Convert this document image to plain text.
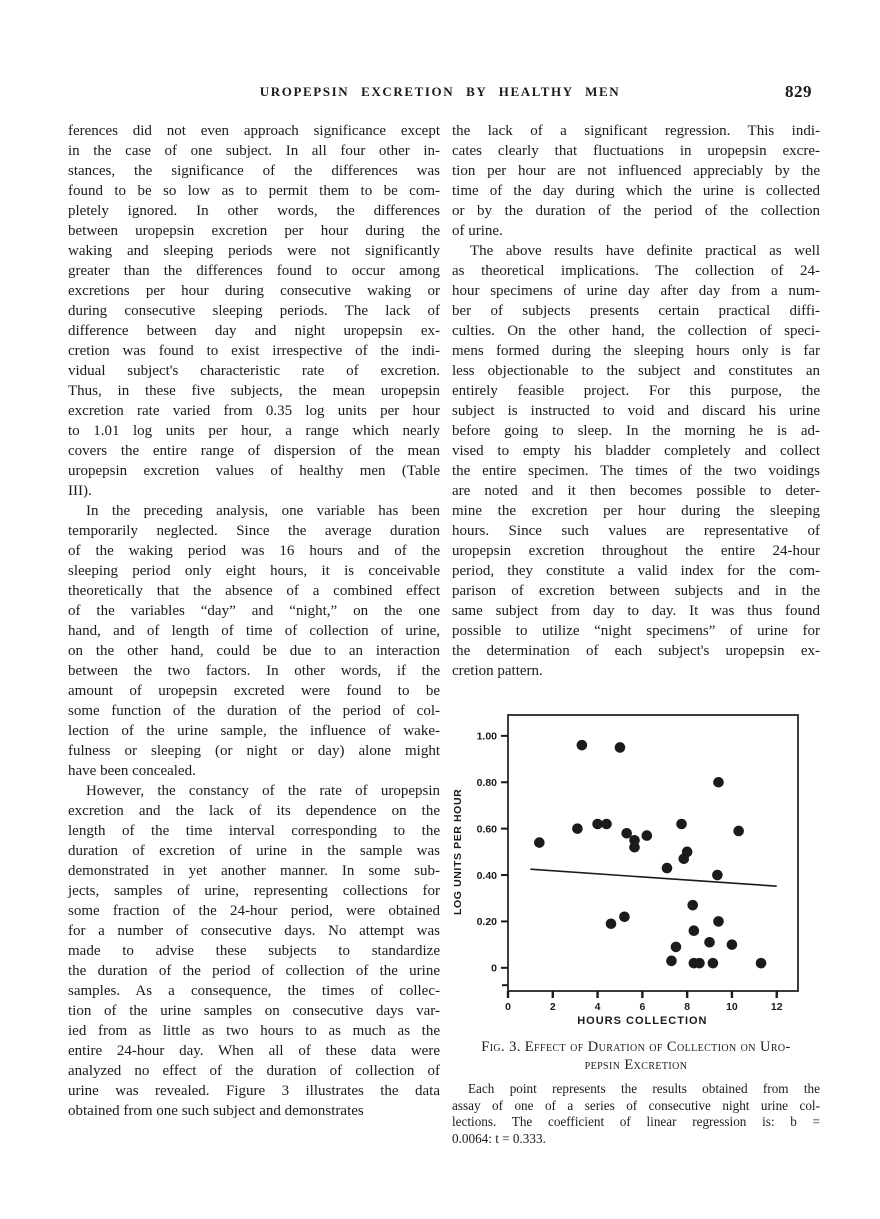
UROPEPSIN EXCRETION BY HEALTHY MEN	829
ferences did not even approach significance except
in the case of one subject. In all four other in-
stances, the significance of the differences was
found to be so low as to permit them to be com-
pletely ignored. In other words, the differences
between uropepsin excretion per hour during the
waking and sleeping periods were not significantly
greater than the differences found to occur among
excretions per hour during consecutive waking or
during consecutive sleeping periods. The lack of
difference between day and night uropepsin ex-
cretion was found to exist irrespective of the indi-
vidual subject's characteristic rate of excretion.
Thus, in these five subjects, the mean uropepsin
excretion rate varied from 0.35 log units per hour
to 1.01 log units per hour, a range which nearly
covers the entire range of dispersion of the mean
uropepsin excretion values of healthy men (Table
III).
In the preceding analysis, one variable has been
temporarily neglected. Since the average duration
of the waking period was 16 hours and of the
sleeping period only eight hours, it is conceivable
theoretically that the absence of a combined effect
of the variables “day” and “night,” on the one
hand, and of length of time of collection of urine,
on the other hand, could be due to an interaction
between the two factors. In other words, if the
amount of uropepsin excreted were found to be
some function of the duration of the period of col-
lection of the urine sample, the influence of wake-
fulness or sleeping (or night or day) alone might
have been concealed.
However, the constancy of the rate of uropepsin
excretion and the lack of its dependence on the
length of the time interval corresponding to the
duration of excretion of urine in the sample was
demonstrated in yet another manner. In some sub-
jects, samples of urine, representing collections for
some fraction of the 24-hour period, were obtained
for a number of consecutive days. No attempt was
made to advise these subjects to standardize
the duration of the period of collection of the urine
samples. As a consequence, the times of collec-
tion of the urine samples on consecutive days var-
ied from as little as two hours to as much as the
entire 24-hour day. When all of these data were
analyzed no effect of the duration of collection of
urine was revealed. Figure 3 illustrates the data
obtained from one such subject and demonstrates
the lack of a significant regression. This indi-
cates clearly that fluctuations in uropepsin excre-
tion per hour are not influenced appreciably by the
time of the day during which the urine is collected
or by the duration of the period of the collection
of urine.
The above results have definite practical as well
as theoretical implications. The collection of 24-
hour specimens of urine day after day from a num-
ber of subjects presents certain practical diffi-
culties. On the other hand, the collection of speci-
mens formed during the sleeping hours only is far
less objectionable to the subject and constitutes an
entirely feasible project. For this purpose, the
subject is instructed to void and discard his urine
before going to sleep. In the morning he is ad-
vised to empty his bladder completely and collect
the entire specimen. The times of the two voidings
are noted and it then becomes possible to deter-
mine the excretion per hour during the sleeping
hours. Since such values are representative of
uropepsin excretion throughout the entire 24-hour
period, they constitute a valid index for the com-
parison of excretion between subjects and in the
same subject from day to day. It was thus found
possible to utilize “night specimens” of urine for
the determination of each subject's uropepsin ex-
cretion pattern.
0
0.20
0.40
0.60
0.80
1.00
0	2	4	6	8	10	12
HOURS COLLECTION
LOG UNITS PER HOUR
Fig. 3. Effect of Duration of Collection on Uro-
pepsin Excretion
Each point represents the results obtained from the
assay of one of a series of consecutive night urine col-
lections. The coefficient of linear regression is: b =
0.0064: t = 0.333.
